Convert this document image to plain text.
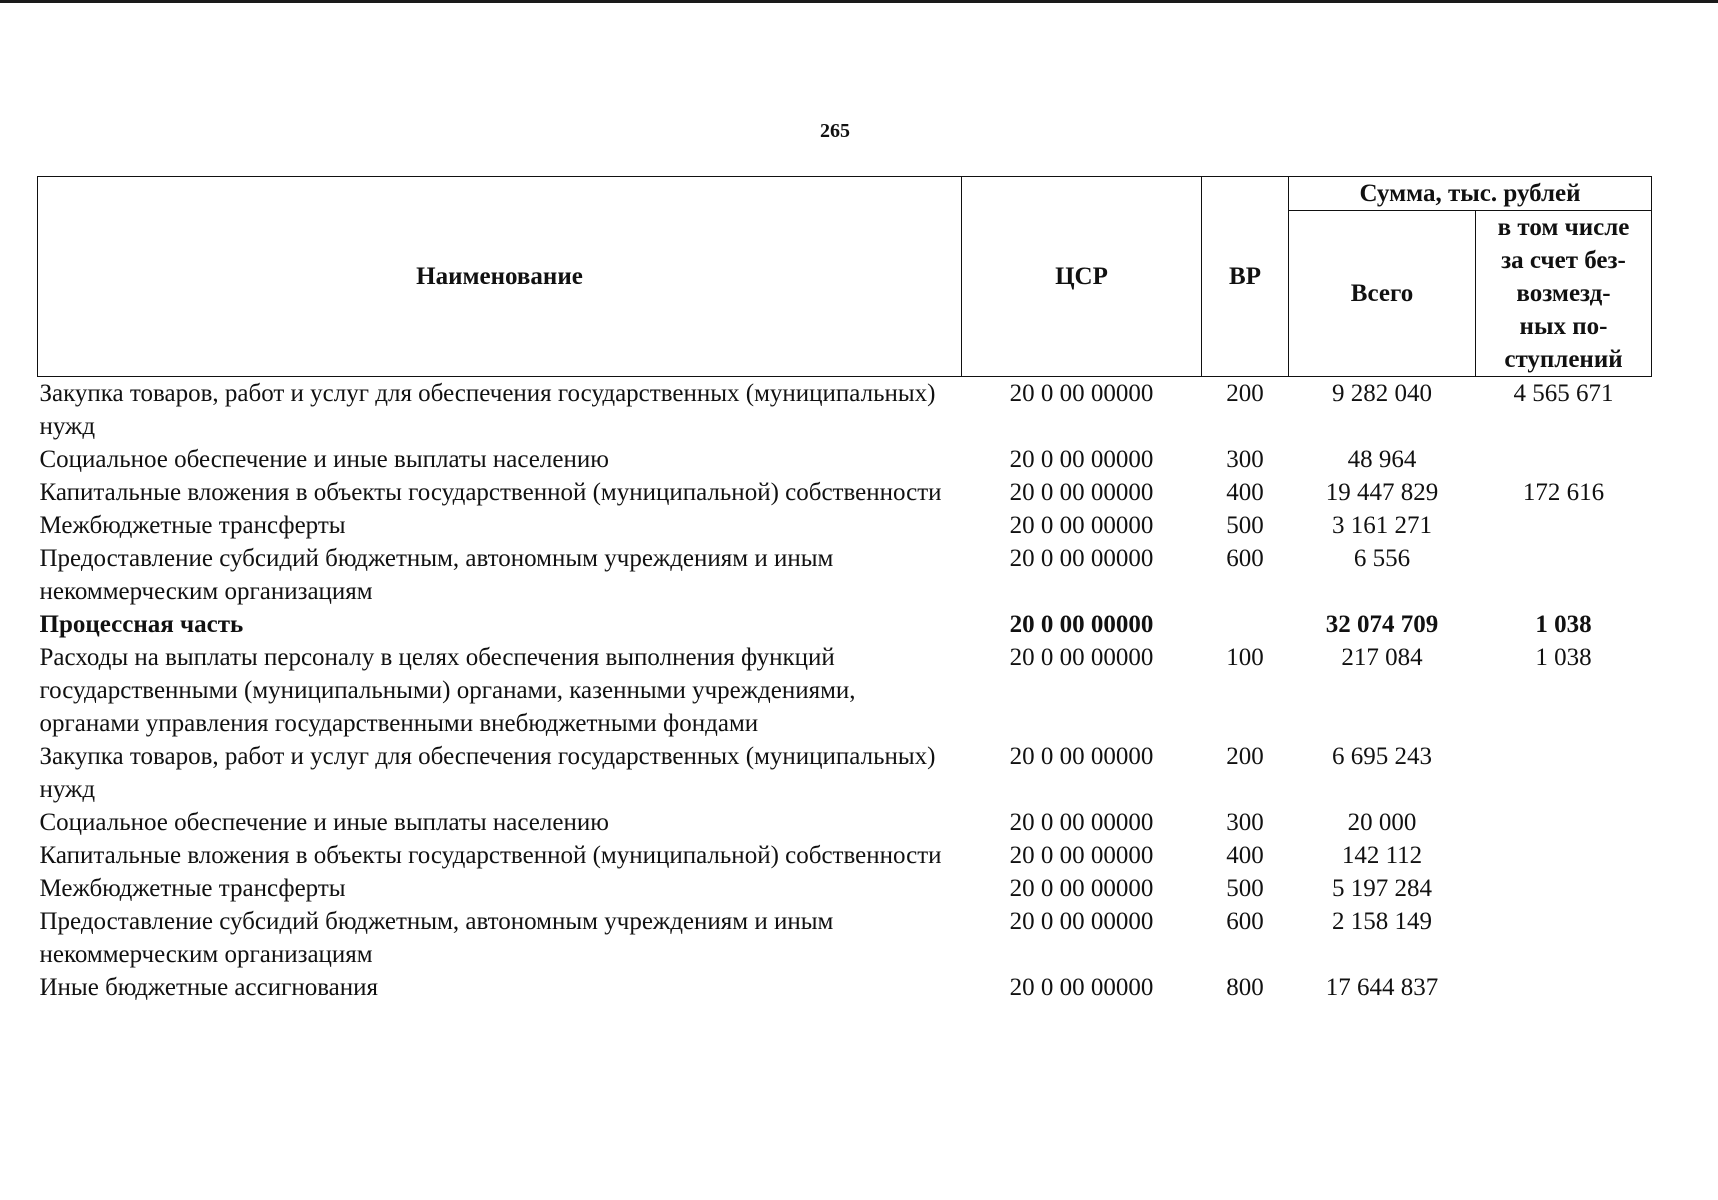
265
Наименование	ЦСР	ВР	Сумма, тыс. рублей	
			Всего	в том числе
за счет без-
возмезд-
ных по-
ступлений

Закупка товаров, работ и услуг для обеспечения государственных (муниципальных) нужд	20 0 00 00000	200	9 282 040	4 565 671
Социальное обеспечение и иные выплаты населению	20 0 00 00000	300	48 964	
Капитальные вложения в объекты государственной (муниципальной) собственности	20 0 00 00000	400	19 447 829	172 616
Межбюджетные трансферты	20 0 00 00000	500	3 161 271	
Предоставление субсидий бюджетным, автономным учреждениям и иным некоммерческим организациям	20 0 00 00000	600	6 556	
Процессная часть	20 0 00 00000		32 074 709	1 038
Расходы на выплаты персоналу в целях обеспечения выполнения функций государственными (муниципальными) органами, казенными учреждениями, органами управления государственными внебюджетными фондами	20 0 00 00000	100	217 084	1 038
Закупка товаров, работ и услуг для обеспечения государственных (муниципальных) нужд	20 0 00 00000	200	6 695 243	
Социальное обеспечение и иные выплаты населению	20 0 00 00000	300	20 000	
Капитальные вложения в объекты государственной (муниципальной) собственности	20 0 00 00000	400	142 112	
Межбюджетные трансферты	20 0 00 00000	500	5 197 284	
Предоставление субсидий бюджетным, автономным учреждениям и иным некоммерческим организациям	20 0 00 00000	600	2 158 149	
Иные бюджетные ассигнования	20 0 00 00000	800	17 644 837	
